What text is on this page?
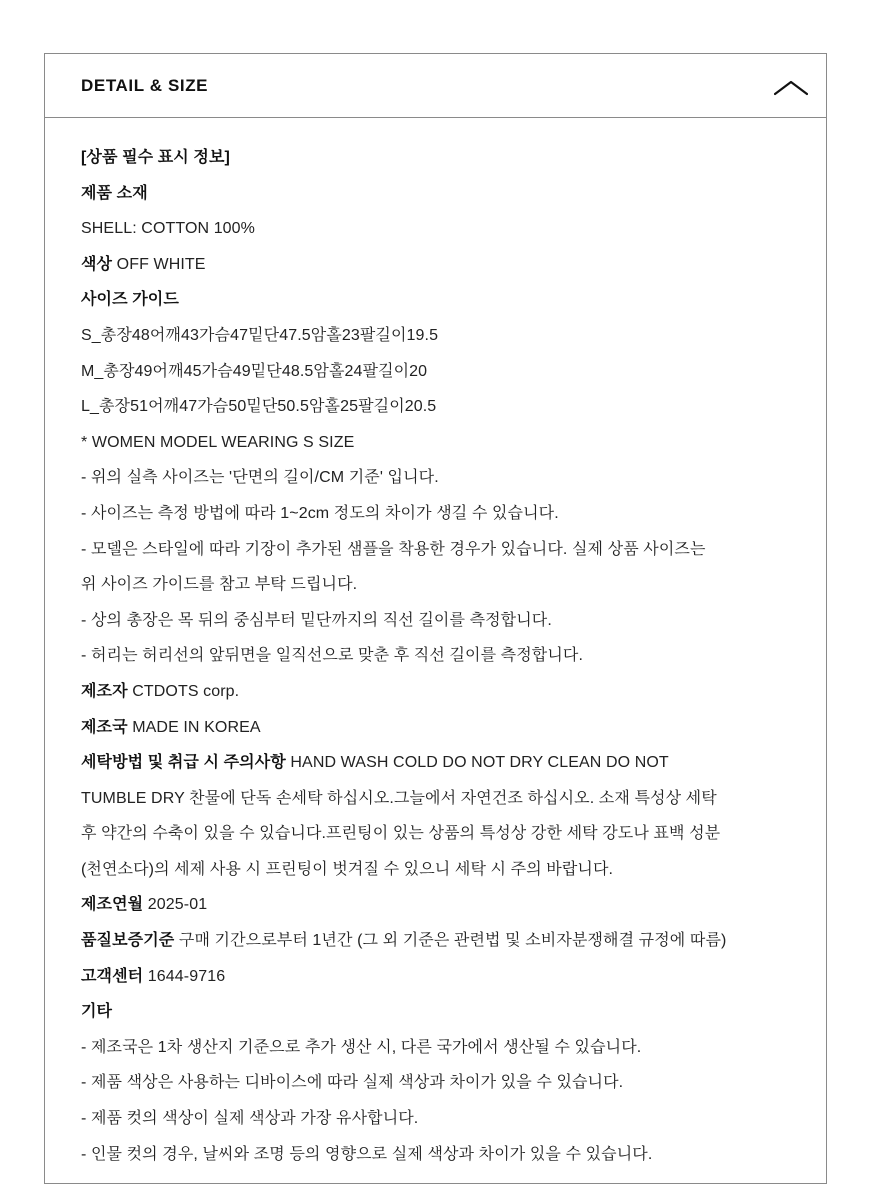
DETAIL & SIZE
[상품 필수 표시 정보]
제품 소재
SHELL: COTTON 100%
색상 OFF WHITE
사이즈 가이드
S_총장48어깨43가슴47밑단47.5암홀23팔길이19.5
M_총장49어깨45가슴49밑단48.5암홀24팔길이20
L_총장51어깨47가슴50밑단50.5암홀25팔길이20.5
* WOMEN MODEL WEARING S SIZE
- 위의 실측 사이즈는 '단면의 길이/CM 기준' 입니다.
- 사이즈는 측정 방법에 따라 1~2cm 정도의 차이가 생길 수 있습니다.
- 모델은 스타일에 따라 기장이 추가된 샘플을 착용한 경우가 있습니다. 실제 상품 사이즈는
위 사이즈 가이드를 참고 부탁 드립니다.
- 상의 총장은 목 뒤의 중심부터 밑단까지의 직선 길이를 측정합니다.
- 허리는 허리선의 앞뒤면을 일직선으로 맞춘 후 직선 길이를 측정합니다.
제조자 CTDOTS corp.
제조국 MADE IN KOREA
세탁방법 및 취급 시 주의사항 HAND WASH COLD DO NOT DRY CLEAN DO NOT
TUMBLE DRY 찬물에 단독 손세탁 하십시오.그늘에서 자연건조 하십시오. 소재 특성상 세탁
후 약간의 수축이 있을 수 있습니다.프린팅이 있는 상품의 특성상 강한 세탁 강도나 표백 성분
(천연소다)의 세제 사용 시 프린팅이 벗겨질 수 있으니 세탁 시 주의 바랍니다.
제조연월 2025-01
품질보증기준 구매 기간으로부터 1년간 (그 외 기준은 관련법 및 소비자분쟁해결 규정에 따름)
고객센터 1644-9716
기타
- 제조국은 1차 생산지 기준으로 추가 생산 시, 다른 국가에서 생산될 수 있습니다.
- 제품 색상은 사용하는 디바이스에 따라 실제 색상과 차이가 있을 수 있습니다.
- 제품 컷의 색상이 실제 색상과 가장 유사합니다.
- 인물 컷의 경우, 날씨와 조명 등의 영향으로 실제 색상과 차이가 있을 수 있습니다.
